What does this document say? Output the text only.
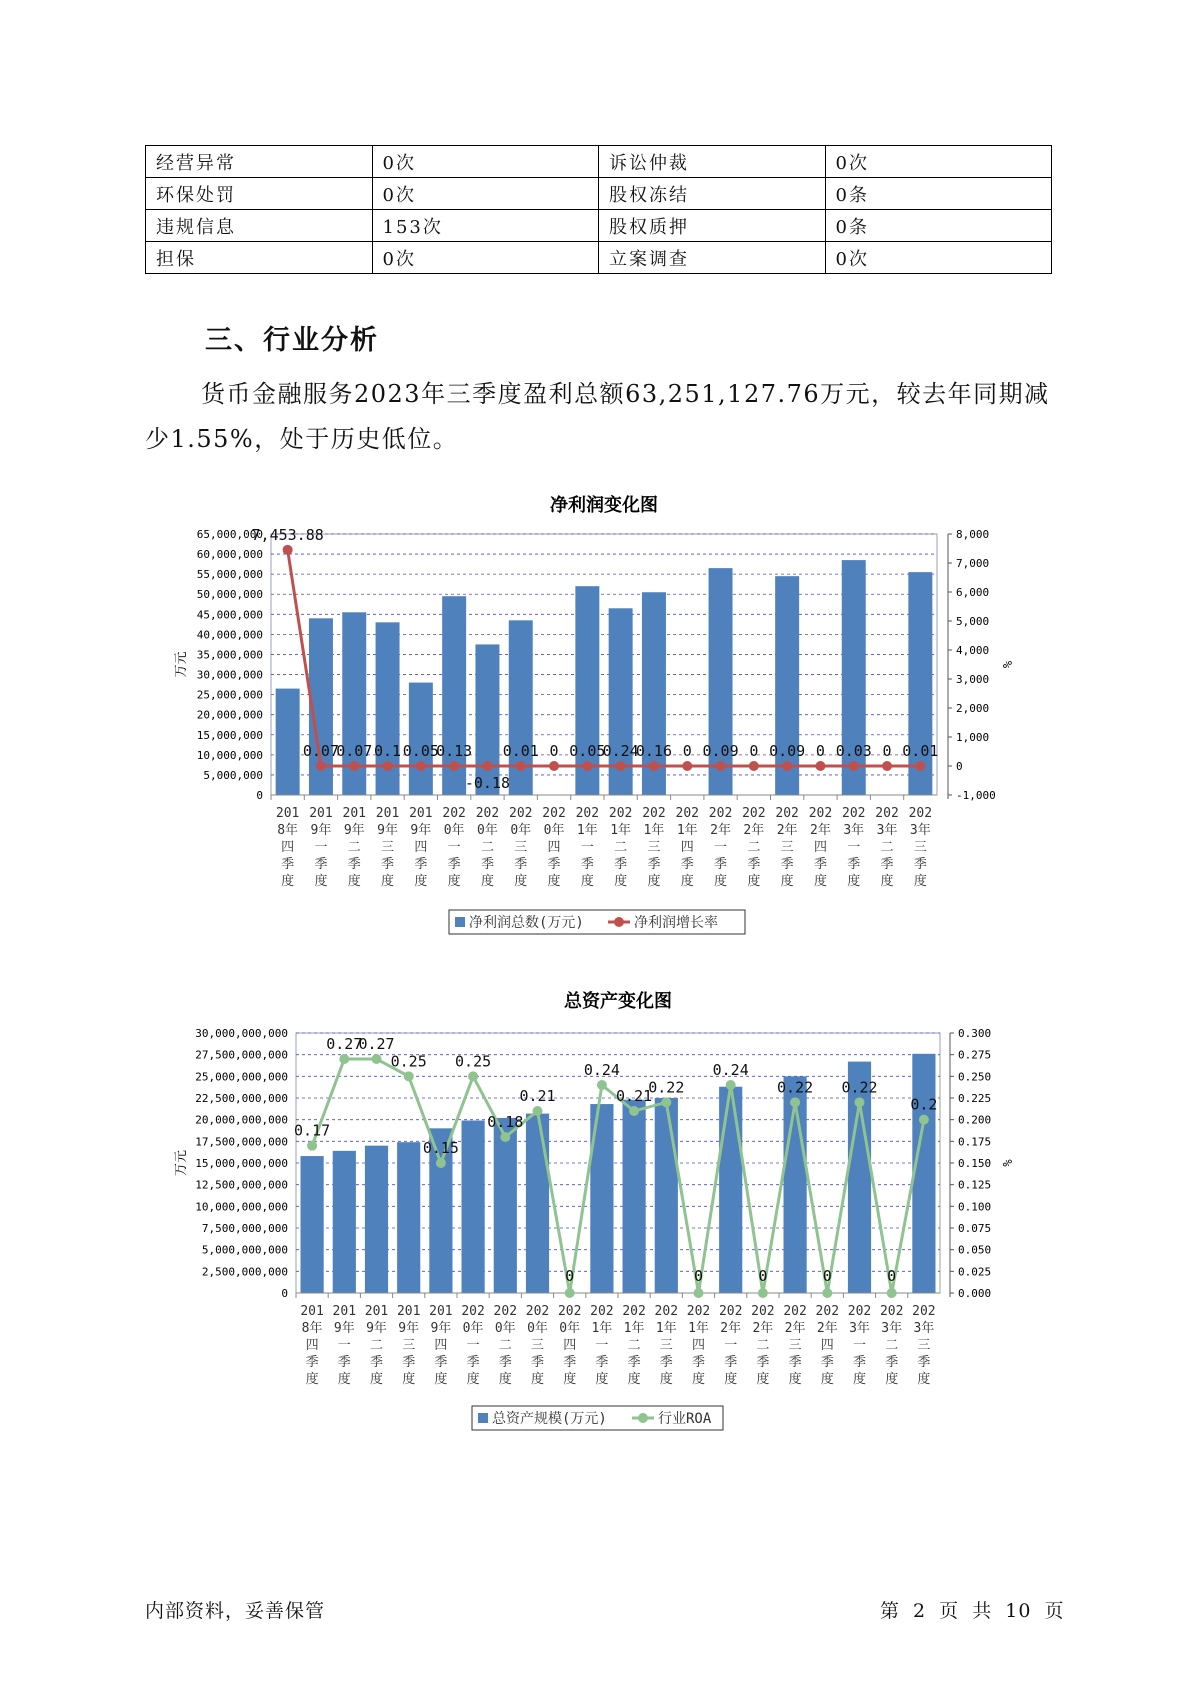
经营异常	0次	诉讼仲裁	0次
环保处罚	0次	股权冻结	0条
违规信息	153次	股权质押	0条
担保	0次	立案调查	0次
三、行业分析
货币金融服务2023年三季度盈利总额63,251,127.76万元，较去年同期减少1.55%，处于历史低位。
净利润变化图
0
5,000,000
10,000,000
15,000,000
20,000,000
25,000,000
30,000,000
35,000,000
40,000,000
45,000,000
50,000,000
55,000,000
60,000,000
65,000,000
-1,000
0
1,000
2,000
3,000
4,000
5,000
6,000
7,000
8,000
万元	%
201
8年
四
季
度
201
9年
一
季
度
201
9年
二
季
度
201
9年
三
季
度
201
9年
四
季
度
202
0年
一
季
度
202
0年
二
季
度
202
0年
三
季
度
202
0年
四
季
度
202
1年
一
季
度
202
1年
二
季
度
202
1年
三
季
度
202
1年
四
季
度
202
2年
一
季
度
202
2年
二
季
度
202
2年
三
季
度
202
2年
四
季
度
202
3年
一
季
度
202
3年
二
季
度
202
3年
三
季
度
7,453.88
0.07
0.07 0.1 0.05
0.13
-0.18
0.01 0 0.05
0.24
0.16 0 0.09 0 0.09 0 0.03 0 0.01
净利润总数(万元)	净利润增长率
总资产变化图
0
2,500,000,000
5,000,000,000
7,500,000,000
10,000,000,000
12,500,000,000
15,000,000,000
17,500,000,000
20,000,000,000
22,500,000,000
25,000,000,000
27,500,000,000
30,000,000,000
0.000
0.025
0.050
0.075
0.100
0.125
0.150
0.175
0.200
0.225
0.250
0.275
0.300
万元	%
201
8年
四
季
度
201
9年
一
季
度
201
9年
二
季
度
201
9年
三
季
度
201
9年
四
季
度
202
0年
一
季
度
202
0年
二
季
度
202
0年
三
季
度
202
0年
四
季
度
202
1年
一
季
度
202
1年
二
季
度
202
1年
三
季
度
202
1年
四
季
度
202
2年
一
季
度
202
2年
二
季
度
202
2年
三
季
度
202
2年
四
季
度
202
3年
一
季
度
202
3年
二
季
度
202
3年
三
季
度
0.17
0.27
0.27
0.25
0.15
0.25
0.18
0.21
0
0.24
0.21
0.22
0
0.24
0
0.22
0
0.22
0
0.2
总资产规模(万元)	行业ROA
内部资料，妥善保管	第 2 页 共 10 页
